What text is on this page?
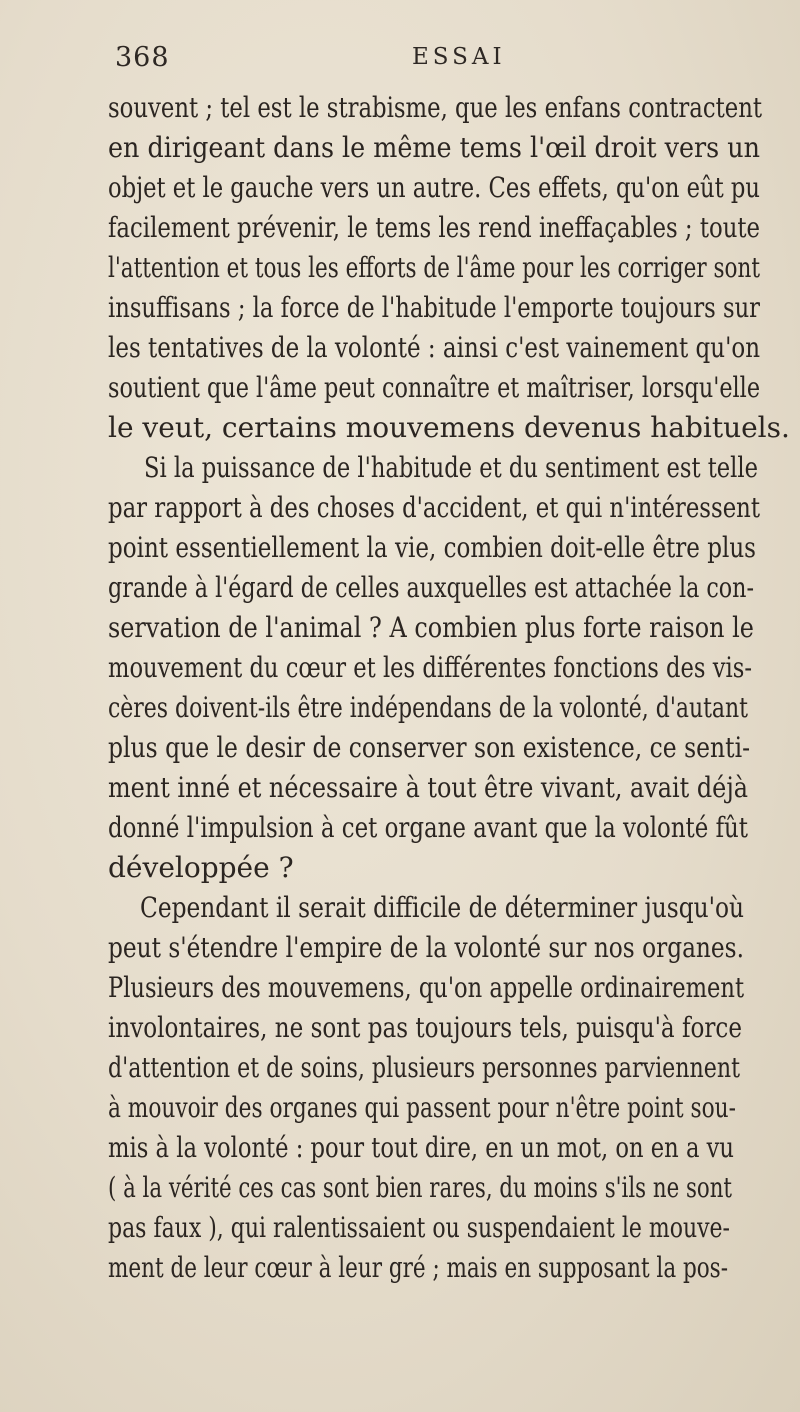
368	ESSAI
souvent ; tel est le strabisme, que les enfans contractent
en dirigeant dans le même tems l'œil droit vers un
objet et le gauche vers un autre. Ces effets, qu'on eût pu
facilement prévenir, le tems les rend ineffaçables ; toute
l'attention et tous les efforts de l'âme pour les corriger sont
insuffisans ; la force de l'habitude l'emporte toujours sur
les tentatives de la volonté : ainsi c'est vainement qu'on
soutient que l'âme peut connaître et maîtriser, lorsqu'elle
le veut, certains mouvemens devenus habituels.
Si la puissance de l'habitude et du sentiment est telle
par rapport à des choses d'accident, et qui n'intéressent
point essentiellement la vie, combien doit-elle être plus
grande à l'égard de celles auxquelles est attachée la con-
servation de l'animal ? A combien plus forte raison le
mouvement du cœur et les différentes fonctions des vis-
cères doivent-ils être indépendans de la volonté, d'autant
plus que le desir de conserver son existence, ce senti-
ment inné et nécessaire à tout être vivant, avait déjà
donné l'impulsion à cet organe avant que la volonté fût
développée ?
Cependant il serait difficile de déterminer jusqu'où
peut s'étendre l'empire de la volonté sur nos organes.
Plusieurs des mouvemens, qu'on appelle ordinairement
involontaires, ne sont pas toujours tels, puisqu'à force
d'attention et de soins, plusieurs personnes parviennent
à mouvoir des organes qui passent pour n'être point sou-
mis à la volonté : pour tout dire, en un mot, on en a vu
( à la vérité ces cas sont bien rares, du moins s'ils ne sont
pas faux ), qui ralentissaient ou suspendaient le mouve-
ment de leur cœur à leur gré ; mais en supposant la pos-
